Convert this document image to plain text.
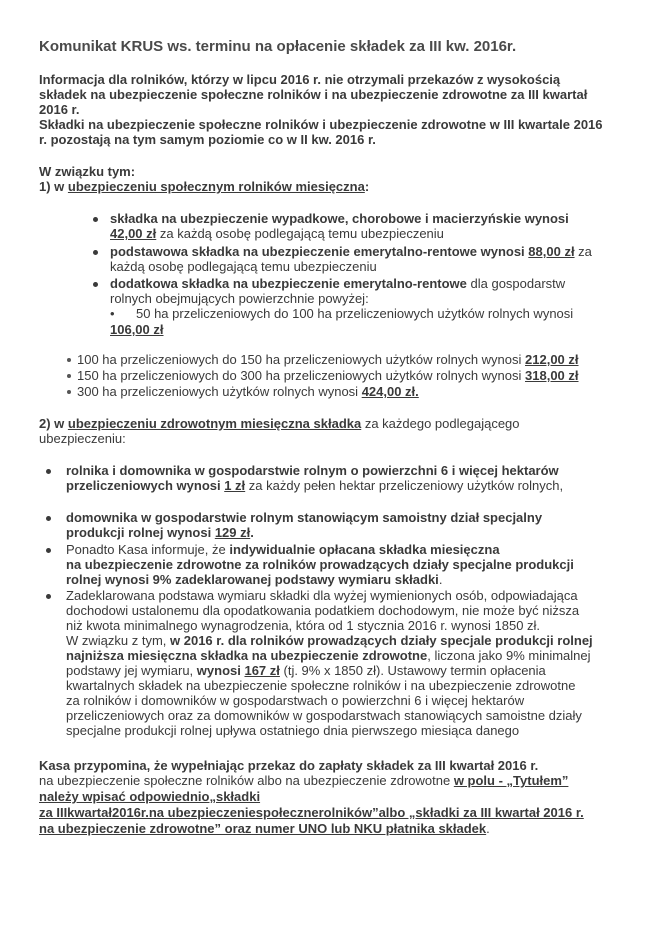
Komunikat KRUS ws. terminu na opłacenie składek za III kw. 2016r.
Informacja dla rolników, którzy w lipcu 2016 r. nie otrzymali przekazów z wysokością
składek na ubezpieczenie społeczne rolników i na ubezpieczenie zdrowotne za III kwartał
2016 r.
Składki na ubezpieczenie społeczne rolników i ubezpieczenie zdrowotne w III kwartale 2016
r. pozostają na tym samym poziomie co w II kw. 2016 r.
W związku tym:
1) w ubezpieczeniu społecznym rolników miesięczna:
składka na ubezpieczenie wypadkowe, chorobowe i macierzyńskie wynosi
42,00 zł za każdą osobę podlegającą temu ubezpieczeniu
podstawowa składka na ubezpieczenie emerytalno-rentowe wynosi 88,00 zł za
każdą osobę podlegającą temu ubezpieczeniu
dodatkowa składka na ubezpieczenie emerytalno-rentowe dla gospodarstw
rolnych obejmujących powierzchnie powyżej:
• 50 ha przeliczeniowych do 100 ha przeliczeniowych użytków rolnych wynosi
106,00 zł
100 ha przeliczeniowych do 150 ha przeliczeniowych użytków rolnych wynosi 212,00 zł
150 ha przeliczeniowych do 300 ha przeliczeniowych użytków rolnych wynosi 318,00 zł
300 ha przeliczeniowych użytków rolnych wynosi 424,00 zł.
2) w ubezpieczeniu zdrowotnym miesięczna składka za każdego podlegającego
ubezpieczeniu:
rolnika i domownika w gospodarstwie rolnym o powierzchni 6 i więcej hektarów
przeliczeniowych wynosi 1 zł za każdy pełen hektar przeliczeniowy użytków rolnych,
domownika w gospodarstwie rolnym stanowiącym samoistny dział specjalny
produkcji rolnej wynosi 129 zł.
Ponadto Kasa informuje, że indywidualnie opłacana składka miesięczna
na ubezpieczenie zdrowotne za rolników prowadzących działy specjalne produkcji
rolnej wynosi 9% zadeklarowanej podstawy wymiaru składki.
Zadeklarowana podstawa wymiaru składki dla wyżej wymienionych osób, odpowiadająca
dochodowi ustalonemu dla opodatkowania podatkiem dochodowym, nie może być niższa
niż kwota minimalnego wynagrodzenia, która od 1 stycznia 2016 r. wynosi 1850 zł.
W związku z tym, w 2016 r. dla rolników prowadzących działy specjale produkcji rolnej
najniższa miesięczna składka na ubezpieczenie zdrowotne, liczona jako 9% minimalnej
podstawy jej wymiaru, wynosi 167 zł (tj. 9% x 1850 zł). Ustawowy termin opłacenia
kwartalnych składek na ubezpieczenie społeczne rolników i na ubezpieczenie zdrowotne
za rolników i domowników w gospodarstwach o powierzchni 6 i więcej hektarów
przeliczeniowych oraz za domowników w gospodarstwach stanowiących samoistne działy
specjalne produkcji rolnej upływa ostatniego dnia pierwszego miesiąca danego
Kasa przypomina, że wypełniając przekaz do zapłaty składek za III kwartał 2016 r.
na ubezpieczenie społeczne rolników albo na ubezpieczenie zdrowotne w polu - „Tytułem”
należy wpisać odpowiednio„składki
za IIIkwartał2016r.na ubezpieczeniespołecznerolników”albo „składki za III kwartał 2016 r.
na ubezpieczenie zdrowotne” oraz numer UNO lub NKU płatnika składek.
